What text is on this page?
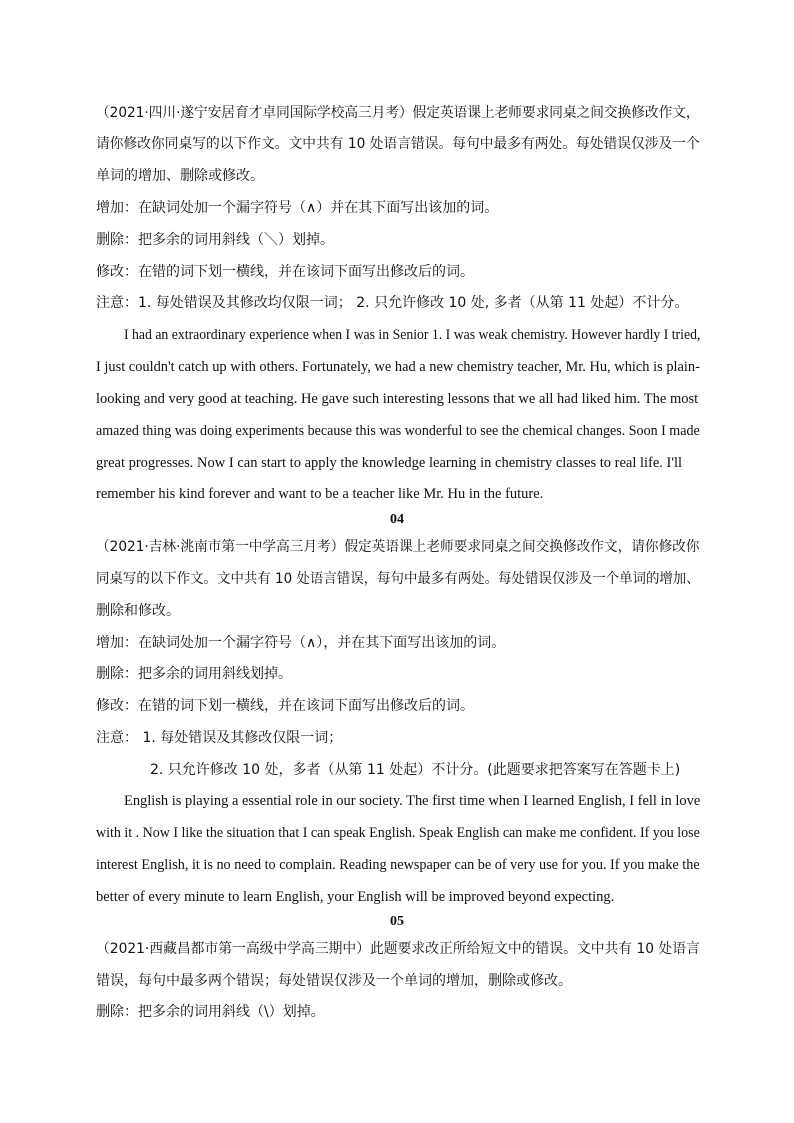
（2021·四川·遂宁安居育才卓同国际学校高三月考）假定英语课上老师要求同桌之间交换修改作文，
请你修改你同桌写的以下作文。文中共有 10 处语言错误。每句中最多有两处。每处错误仅涉及一个
单词的增加、删除或修改。
增加：在缺词处加一个漏字符号（∧）并在其下面写出该加的词。
删除：把多余的词用斜线（＼）划掉。
修改：在错的词下划一横线，并在该词下面写出修改后的词。
注意：1. 每处错误及其修改均仅限一词； 2. 只允许修改 10 处, 多者（从第 11 处起）不计分。
I had an extraordinary experience when I was in Senior 1. I was weak chemistry. However hardly I tried,
I just couldn't catch up with others. Fortunately, we had a new chemistry teacher, Mr. Hu, which is plain-
looking and very good at teaching. He gave such interesting lessons that we all had liked him. The most
amazed thing was doing experiments because this was wonderful to see the chemical changes. Soon I made
great progresses. Now I can start to apply the knowledge learning in chemistry classes to real life. I'll
remember his kind forever and want to be a teacher like Mr. Hu in the future.
04
（2021·吉林·洮南市第一中学高三月考）假定英语课上老师要求同桌之间交换修改作文，请你修改你
同桌写的以下作文。文中共有 10 处语言错误，每句中最多有两处。每处错误仅涉及一个单词的增加、
删除和修改。
增加：在缺词处加一个漏字符号（∧），并在其下面写出该加的词。
删除：把多余的词用斜线划掉。
修改：在错的词下划一横线，并在该词下面写出修改后的词。
注意： 1. 每处错误及其修改仅限一词；
2. 只允许修改 10 处，多者（从第 11 处起）不计分。(此题要求把答案写在答题卡上)
English is playing a essential role in our society. The first time when I learned English, I fell in love
with it . Now I like the situation that I can speak English. Speak English can make me confident. If you lose
interest English, it is no need to complain. Reading newspaper can be of very use for you. If you make the
better of every minute to learn English, your English will be improved beyond expecting.
05
（2021·西藏昌都市第一高级中学高三期中）此题要求改正所给短文中的错误。文中共有 10 处语言
错误，每句中最多两个错误；每处错误仅涉及一个单词的增加，删除或修改。
删除：把多余的词用斜线（\）划掉。
